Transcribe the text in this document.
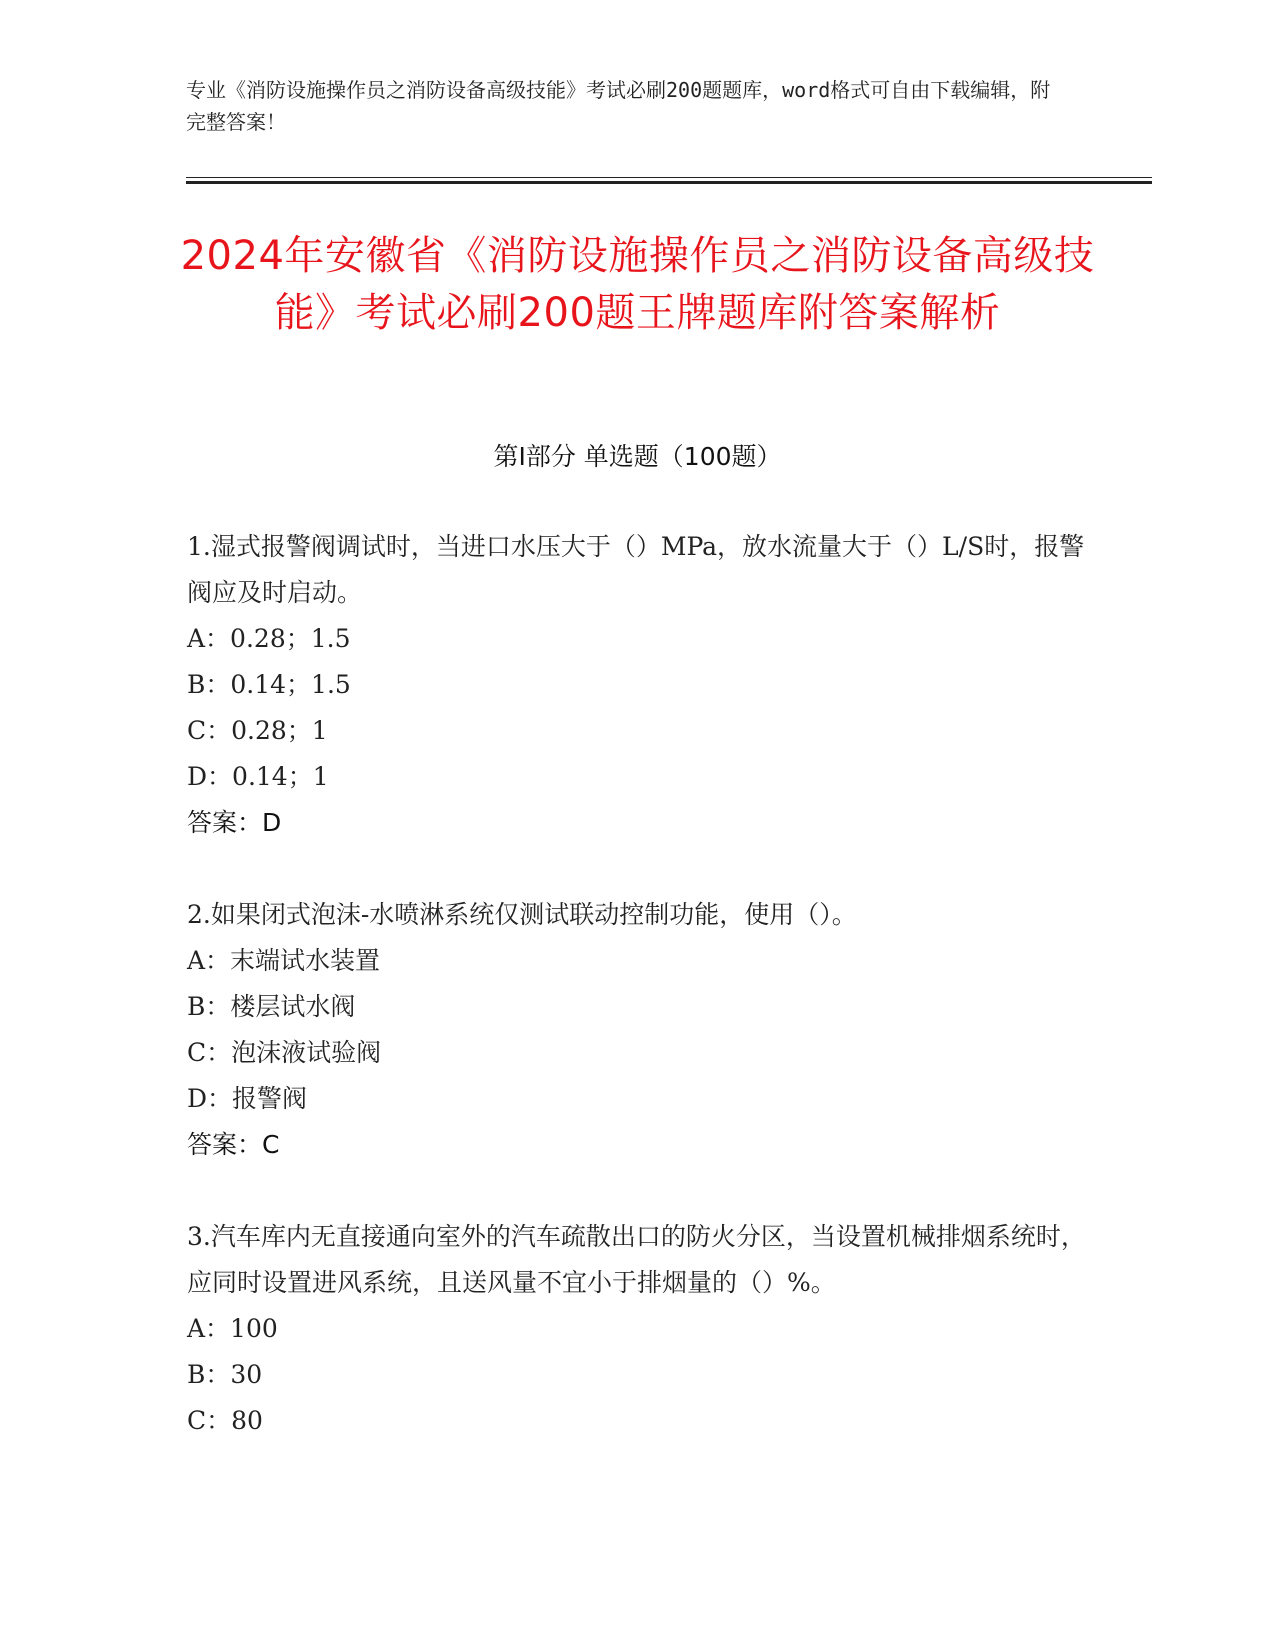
专业《消防设施操作员之消防设备高级技能》考试必刷200题题库，word格式可自由下载编辑，附完整答案！
2024年安徽省《消防设施操作员之消防设备高级技能》考试必刷200题王牌题库附答案解析
第I部分 单选题（100题）

1.湿式报警阀调试时，当进口水压大于（）MPa，放水流量大于（）L/S时，报警阀应及时启动。

A：0.28；1.5

B：0.14；1.5

C：0.28；1

D：0.14；1

答案：D

2.如果闭式泡沫-水喷淋系统仅测试联动控制功能，使用（）。

A：末端试水装置

B：楼层试水阀

C：泡沫液试验阀

D：报警阀

答案：C

3.汽车库内无直接通向室外的汽车疏散出口的防火分区，当设置机械排烟系统时，应同时设置进风系统，且送风量不宜小于排烟量的（）%。

A：100

B：30

C：80
